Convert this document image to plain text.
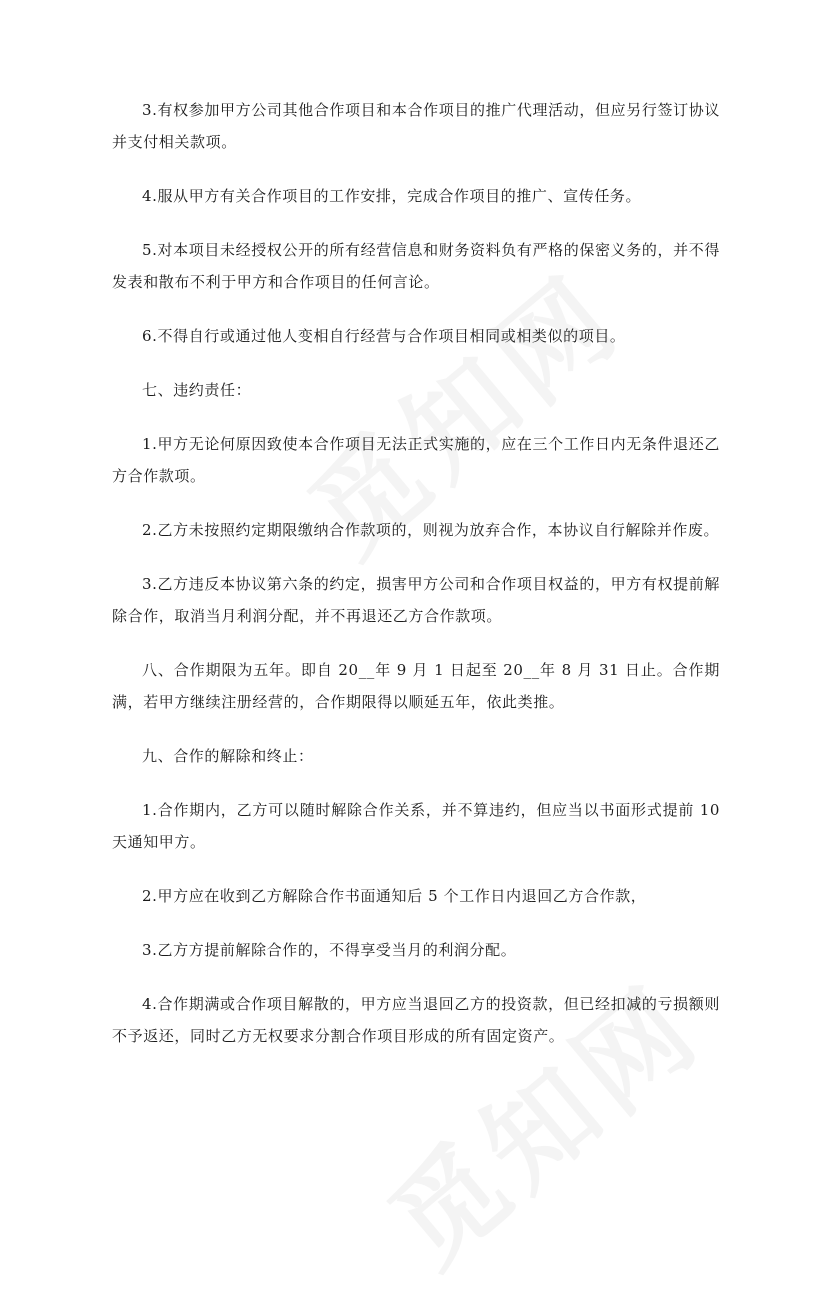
3.有权参加甲方公司其他合作项目和本合作项目的推广代理活动，但应另行签订协议并支付相关款项。

4.服从甲方有关合作项目的工作安排，完成合作项目的推广、宣传任务。

5.对本项目未经授权公开的所有经营信息和财务资料负有严格的保密义务的，并不得发表和散布不利于甲方和合作项目的任何言论。

6.不得自行或通过他人变相自行经营与合作项目相同或相类似的项目。

七、违约责任：

1.甲方无论何原因致使本合作项目无法正式实施的，应在三个工作日内无条件退还乙方合作款项。

2.乙方未按照约定期限缴纳合作款项的，则视为放弃合作，本协议自行解除并作废。

3.乙方违反本协议第六条的约定，损害甲方公司和合作项目权益的，甲方有权提前解除合作，取消当月利润分配，并不再退还乙方合作款项。

八、合作期限为五年。即自 20__年 9 月 1 日起至 20__年 8 月 31 日止。合作期满，若甲方继续注册经营的，合作期限得以顺延五年，依此类推。

九、合作的解除和终止：

1.合作期内，乙方可以随时解除合作关系，并不算违约，但应当以书面形式提前 10 天通知甲方。

2.甲方应在收到乙方解除合作书面通知后 5 个工作日内退回乙方合作款，

3.乙方方提前解除合作的，不得享受当月的利润分配。

4.合作期满或合作项目解散的，甲方应当退回乙方的投资款，但已经扣减的亏损额则不予返还，同时乙方无权要求分割合作项目形成的所有固定资产。
